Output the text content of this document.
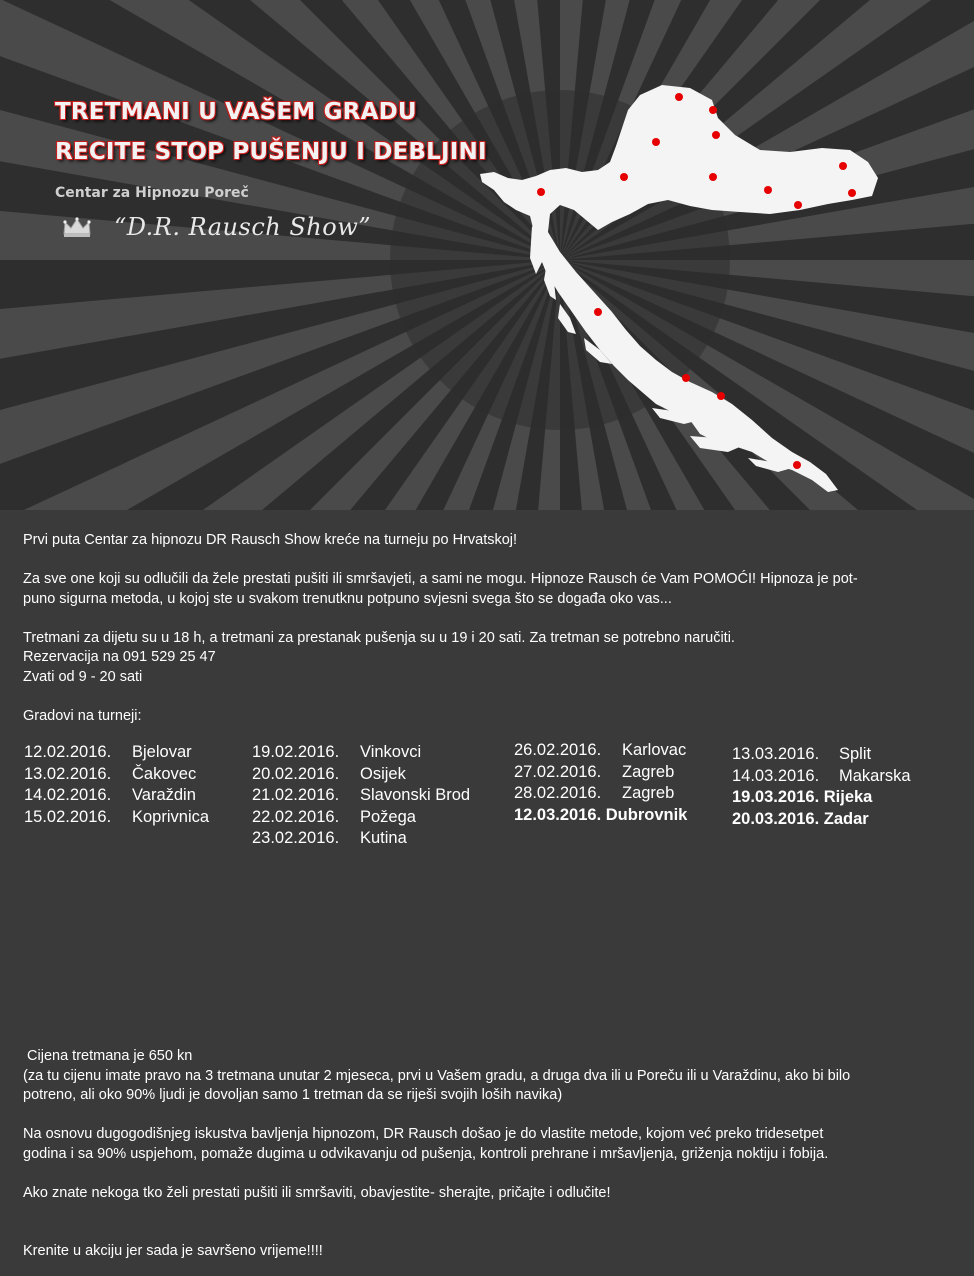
TRETMANI U VAŠEM GRADU
RECITE STOP PUŠENJU I DEBLJINI
Centar za Hipnozu Poreč
“D.R. Rausch Show”

Prvi puta Centar za hipnozu DR Rausch Show kreće na turneju po Hrvatskoj!

Za sve one koji su odlučili da žele prestati pušiti ili smršavjeti, a sami ne mogu. Hipnoze Rausch će Vam POMOĆI! Hipnoza je pot-

puno sigurna metoda, u kojoj ste u svakom trenutknu potpuno svjesni svega što se događa oko vas...

Tretmani za dijetu su u 18 h, a tretmani za prestanak pušenja su u 19 i 20 sati. Za tretman se potrebno naručiti.

Rezervacija na 091 529 25 47

Zvati od 9 - 20 sati

Gradovi na turneji:

12.02.2016. Bjelovar
13.02.2016. Čakovec
14.02.2016. Varaždin
15.02.2016. Koprivnica
19.02.2016. Vinkovci
20.02.2016. Osijek
21.02.2016. Slavonski Brod
22.02.2016. Požega
23.02.2016. Kutina
26.02.2016. Karlovac
27.02.2016. Zagreb
28.02.2016. Zagreb
12.03.2016. Dubrovnik
13.03.2016. Split
14.03.2016. Makarska
19.03.2016. Rijeka
20.03.2016. Zadar

Cijena tretmana je 650 kn

(za tu cijenu imate pravo na 3 tretmana unutar 2 mjeseca, prvi u Vašem gradu, a druga dva ili u Poreču ili u Varaždinu, ako bi bilo

potreno, ali oko 90% ljudi je dovoljan samo 1 tretman da se riješi svojih loših navika)

Na osnovu dugogodišnjeg iskustva bavljenja hipnozom, DR Rausch došao je do vlastite metode, kojom već preko tridesetpet

godina i sa 90% uspjehom, pomaže dugima u odvikavanju od pušenja, kontroli prehrane i mršavljenja, griženja noktiju i fobija.

Ako znate nekoga tko želi prestati pušiti ili smršaviti, obavjestite- sherajte, pričajte i odlučite!

Krenite u akciju jer sada je savršeno vrijeme!!!!
